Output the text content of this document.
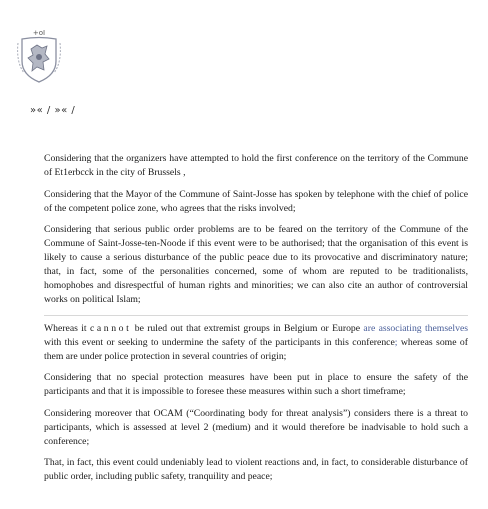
+oI
»« / »« /

Considering that the organizers have attempted to hold the first conference on the territory of the Commune of Et1erbcck in the city of Brussels ,

Considering that the Mayor of the Commune of Saint-Josse has spoken by telephone with the chief of police of the competent police zone, who agrees that the risks involved;

Considering that serious public order problems are to be feared on the territory of the Commune of the Commune of Saint-Josse-ten-Noode if this event were to be authorised; that the organisation of this event is likely to cause a serious disturbance of the public peace due to its provocative and discriminatory nature; that, in fact, some of the personalities concerned, some of whom are reputed to be traditionalists, homophobes and disrespectful of human rights and minorities; we can also cite an author of controversial works on political Islam;

Whereas it cannot be ruled out that extremist groups in Belgium or Europe are associating themselves with this event or seeking to undermine the safety of the participants in this conference; whereas some of them are under police protection in several countries of origin;

Considering that no special protection measures have been put in place to ensure the safety of the participants and that it is impossible to foresee these measures within such a short timeframe;

Considering moreover that OCAM (“Coordinating body for threat analysis”) considers there is a threat to participants, which is assessed at level 2 (medium) and it would therefore be inadvisable to hold such a conference;

That, in fact, this event could undeniably lead to violent reactions and, in fact, to considerable disturbance of public order, including public safety, tranquility and peace;
